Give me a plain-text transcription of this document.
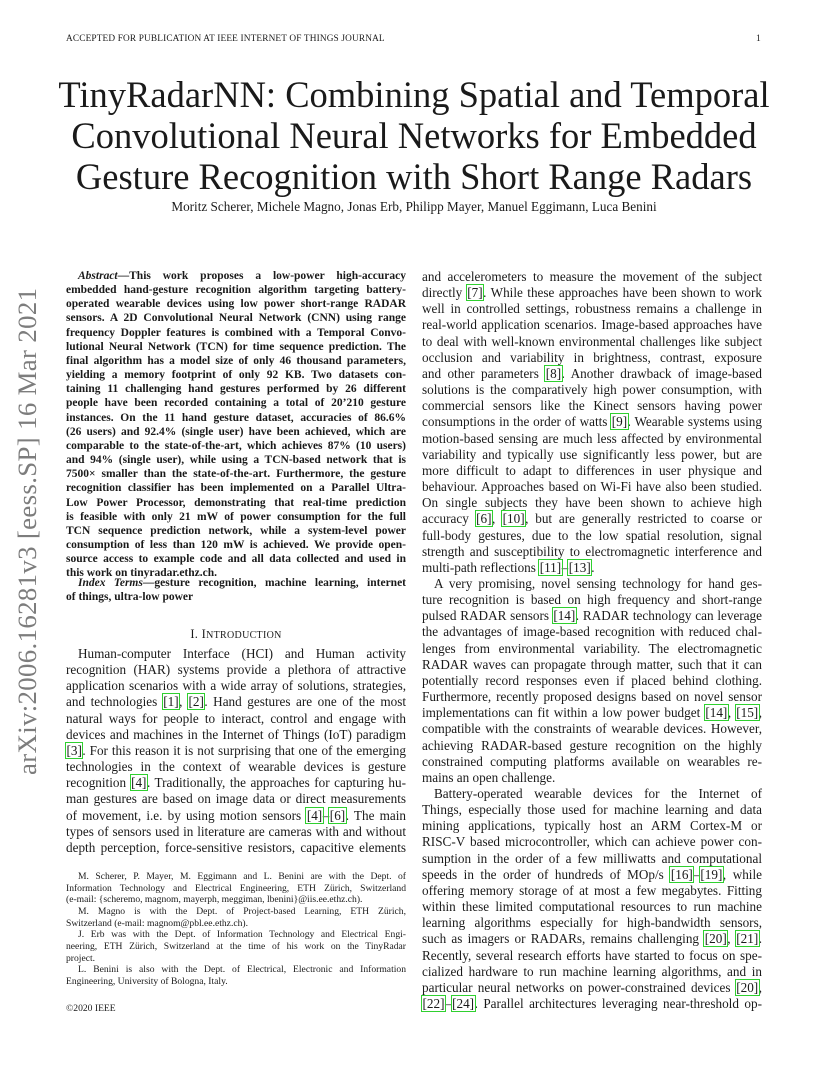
ACCEPTED FOR PUBLICATION AT IEEE INTERNET OF THINGS JOURNAL	1
TinyRadarNN: Combining Spatial and Temporal
Convolutional Neural Networks for Embedded
Gesture Recognition with Short Range Radars
Moritz Scherer, Michele Magno, Jonas Erb, Philipp Mayer, Manuel Eggimann, Luca Benini
arXiv:2006.16281v3 [eess.SP] 16 Mar 2021
Abstract—This work proposes a low-power high-accuracy
embedded hand-gesture recognition algorithm targeting battery-
operated wearable devices using low power short-range RADAR
sensors. A 2D Convolutional Neural Network (CNN) using range
frequency Doppler features is combined with a Temporal Convo-
lutional Neural Network (TCN) for time sequence prediction. The
final algorithm has a model size of only 46 thousand parameters,
yielding a memory footprint of only 92 KB. Two datasets con-
taining 11 challenging hand gestures performed by 26 different
people have been recorded containing a total of 20’210 gesture
instances. On the 11 hand gesture dataset, accuracies of 86.6%
(26 users) and 92.4% (single user) have been achieved, which are
comparable to the state-of-the-art, which achieves 87% (10 users)
and 94% (single user), while using a TCN-based network that is
7500× smaller than the state-of-the-art. Furthermore, the gesture
recognition classifier has been implemented on a Parallel Ultra-
Low Power Processor, demonstrating that real-time prediction
is feasible with only 21 mW of power consumption for the full
TCN sequence prediction network, while a system-level power
consumption of less than 120 mW is achieved. We provide open-
source access to example code and all data collected and used in
this work on tinyradar.ethz.ch.
Index Terms—gesture recognition, machine learning, internet
of things, ultra-low power
I. INTRODUCTION
Human-computer Interface (HCI) and Human activity
recognition (HAR) systems provide a plethora of attractive
application scenarios with a wide array of solutions, strategies,
and technologies [1], [2]. Hand gestures are one of the most
natural ways for people to interact, control and engage with
devices and machines in the Internet of Things (IoT) paradigm
[3]. For this reason it is not surprising that one of the emerging
technologies in the context of wearable devices is gesture
recognition [4]. Traditionally, the approaches for capturing hu-
man gestures are based on image data or direct measurements
of movement, i.e. by using motion sensors [4]–[6]. The main
types of sensors used in literature are cameras with and without
depth perception, force-sensitive resistors, capacitive elements
M. Scherer, P. Mayer, M. Eggimann and L. Benini are with the Dept. of
Information Technology and Electrical Engineering, ETH Zürich, Switzerland
(e-mail: {scheremo, magnom, mayerph, meggiman, lbenini}@iis.ee.ethz.ch).
M. Magno is with the Dept. of Project-based Learning, ETH Zürich,
Switzerland (e-mail: magnom@pbl.ee.ethz.ch).
J. Erb was with the Dept. of Information Technology and Electrical Engi-
neering, ETH Zürich, Switzerland at the time of his work on the TinyRadar
project.
L. Benini is also with the Dept. of Electrical, Electronic and Information
Engineering, University of Bologna, Italy.
©2020 IEEE
and accelerometers to measure the movement of the subject
directly [7]. While these approaches have been shown to work
well in controlled settings, robustness remains a challenge in
real-world application scenarios. Image-based approaches have
to deal with well-known environmental challenges like subject
occlusion and variability in brightness, contrast, exposure
and other parameters [8]. Another drawback of image-based
solutions is the comparatively high power consumption, with
commercial sensors like the Kinect sensors having power
consumptions in the order of watts [9]. Wearable systems using
motion-based sensing are much less affected by environmental
variability and typically use significantly less power, but are
more difficult to adapt to differences in user physique and
behaviour. Approaches based on Wi-Fi have also been studied.
On single subjects they have been shown to achieve high
accuracy [6], [10], but are generally restricted to coarse or
full-body gestures, due to the low spatial resolution, signal
strength and susceptibility to electromagnetic interference and
multi-path reflections [11]–[13].
A very promising, novel sensing technology for hand ges-
ture recognition is based on high frequency and short-range
pulsed RADAR sensors [14]. RADAR technology can leverage
the advantages of image-based recognition with reduced chal-
lenges from environmental variability. The electromagnetic
RADAR waves can propagate through matter, such that it can
potentially record responses even if placed behind clothing.
Furthermore, recently proposed designs based on novel sensor
implementations can fit within a low power budget [14], [15],
compatible with the constraints of wearable devices. However,
achieving RADAR-based gesture recognition on the highly
constrained computing platforms available on wearables re-
mains an open challenge.
Battery-operated wearable devices for the Internet of
Things, especially those used for machine learning and data
mining applications, typically host an ARM Cortex-M or
RISC-V based microcontroller, which can achieve power con-
sumption in the order of a few milliwatts and computational
speeds in the order of hundreds of MOp/s [16]–[19], while
offering memory storage of at most a few megabytes. Fitting
within these limited computational resources to run machine
learning algorithms especially for high-bandwidth sensors,
such as imagers or RADARs, remains challenging [20], [21].
Recently, several research efforts have started to focus on spe-
cialized hardware to run machine learning algorithms, and in
particular neural networks on power-constrained devices [20],
[22]–[24]. Parallel architectures leveraging near-threshold op-
